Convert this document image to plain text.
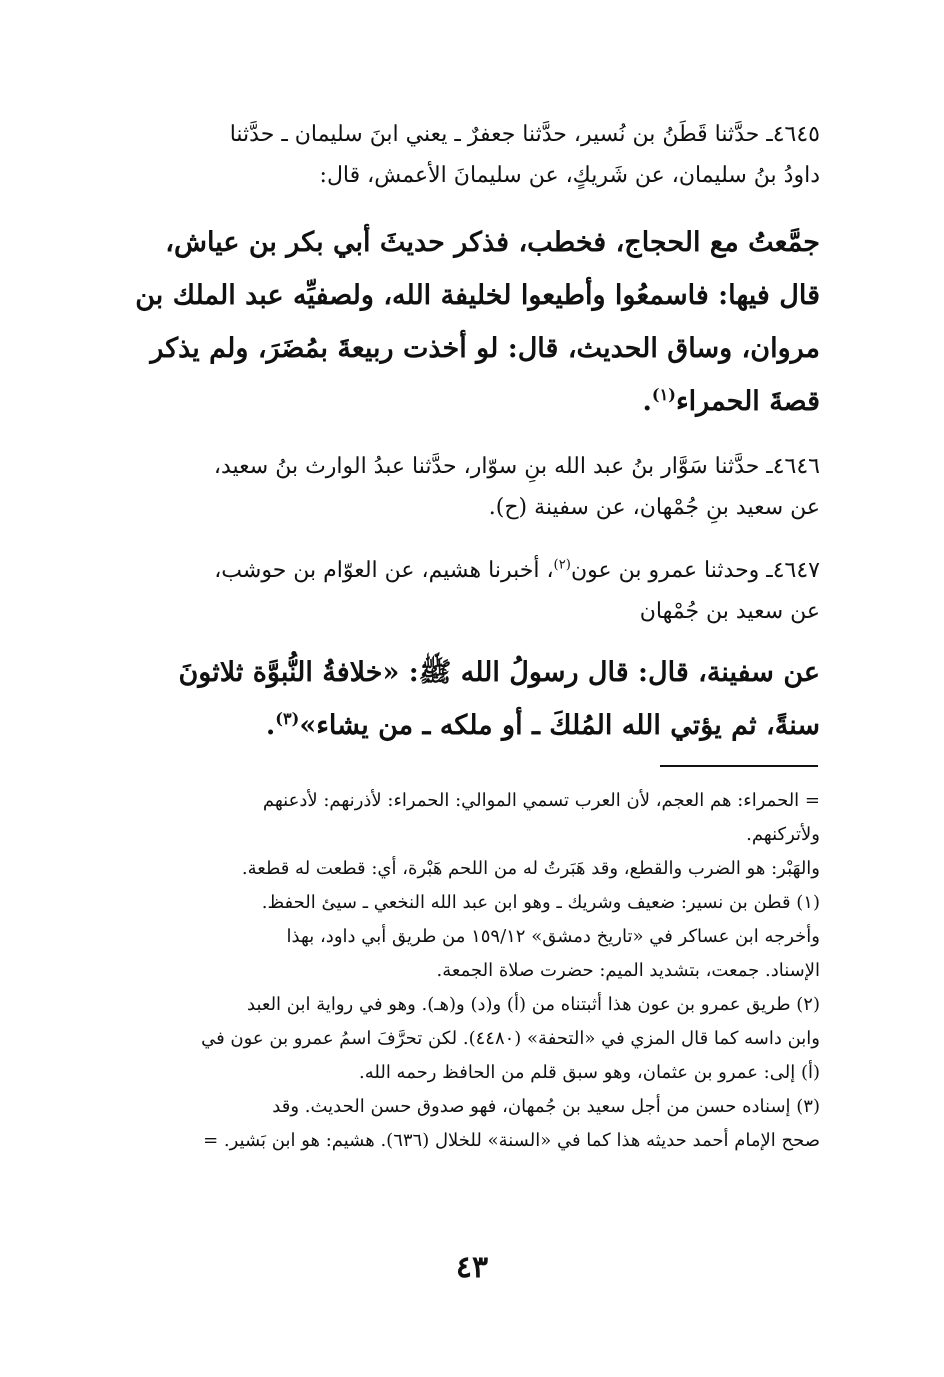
٤٦٤٥ـ حدَّثنا قَطَنُ بن نُسير، حدَّثنا جعفرٌ ـ يعني ابنَ سليمان ـ حدَّثنا
داودُ بنُ سليمان، عن شَريكٍ، عن سليمانَ الأعمش، قال:
جمَّعتُ مع الحجاج، فخطب، فذكر حديثَ أبي بكر بن عياش،
قال فيها: فاسمعُوا وأطيعوا لخليفة الله، ولصفيِّه عبد الملك بن
مروان، وساق الحديث، قال: لو أخذت ربيعةَ بمُضَرَ، ولم يذكر
قصةَ الحمراء$^{(١)}$.
٤٦٤٦ـ حدَّثنا سَوَّار بنُ عبد الله بنِ سوّار، حدَّثنا عبدُ الوارث بنُ سعيد،
عن سعيد بنِ جُمْهان، عن سفينة (ح).
٤٦٤٧ـ وحدثنا عمرو بن عون$^{(٢)}$، أخبرنا هشيم، عن العوّام بن حوشب،
عن سعيد بن جُمْهان
عن سفينة، قال: قال رسولُ الله ﷺ: «خلافةُ النُّبوَّة ثلاثونَ
سنةً، ثم يؤتي الله المُلكَ ـ أو ملكه ـ من يشاء»$^{(٣)}$.
= الحمراء: هم العجم، لأن العرب تسمي الموالي: الحمراء: لأذرنهم: لأدعنهم
ولأتركنهم.
والهَبْر: هو الضرب والقطع، وقد هَبَرتُ له من اللحم هَبْرة، أي: قطعت له قطعة.
(١) قطن بن نسير: ضعيف وشريك ـ وهو ابن عبد الله النخعي ـ سيئ الحفظ.
وأخرجه ابن عساكر في «تاريخ دمشق» ١٥٩/١٢ من طريق أبي داود، بهذا
الإسناد. جمعت، بتشديد الميم: حضرت صلاة الجمعة.
(٢) طريق عمرو بن عون هذا أثبتناه من (أ) و(د) و(هـ). وهو في رواية ابن العبد
وابن داسه كما قال المزي في «التحفة» (٤٤٨٠). لكن تحرَّفَ اسمُ عمرو بن عون في
(أ) إلى: عمرو بن عثمان، وهو سبق قلم من الحافظ رحمه الله.
(٣) إسناده حسن من أجل سعيد بن جُمهان، فهو صدوق حسن الحديث. وقد
صحح الإمام أحمد حديثه هذا كما في «السنة» للخلال (٦٣٦). هشيم: هو ابن بَشير. =
٤٣
